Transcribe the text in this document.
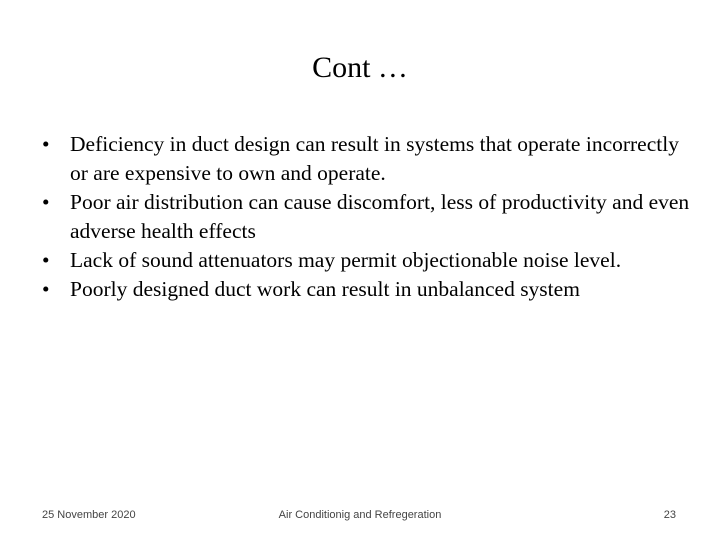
Cont …
• Deficiency in duct design can result in systems that operate incorrectly or are expensive to own and operate.
• Poor air distribution can cause discomfort, less of productivity and even adverse health effects
• Lack of sound attenuators may permit objectionable noise level.
• Poorly designed duct work can result in unbalanced system
25 November 2020	Air Conditionig and Refregeration	23
